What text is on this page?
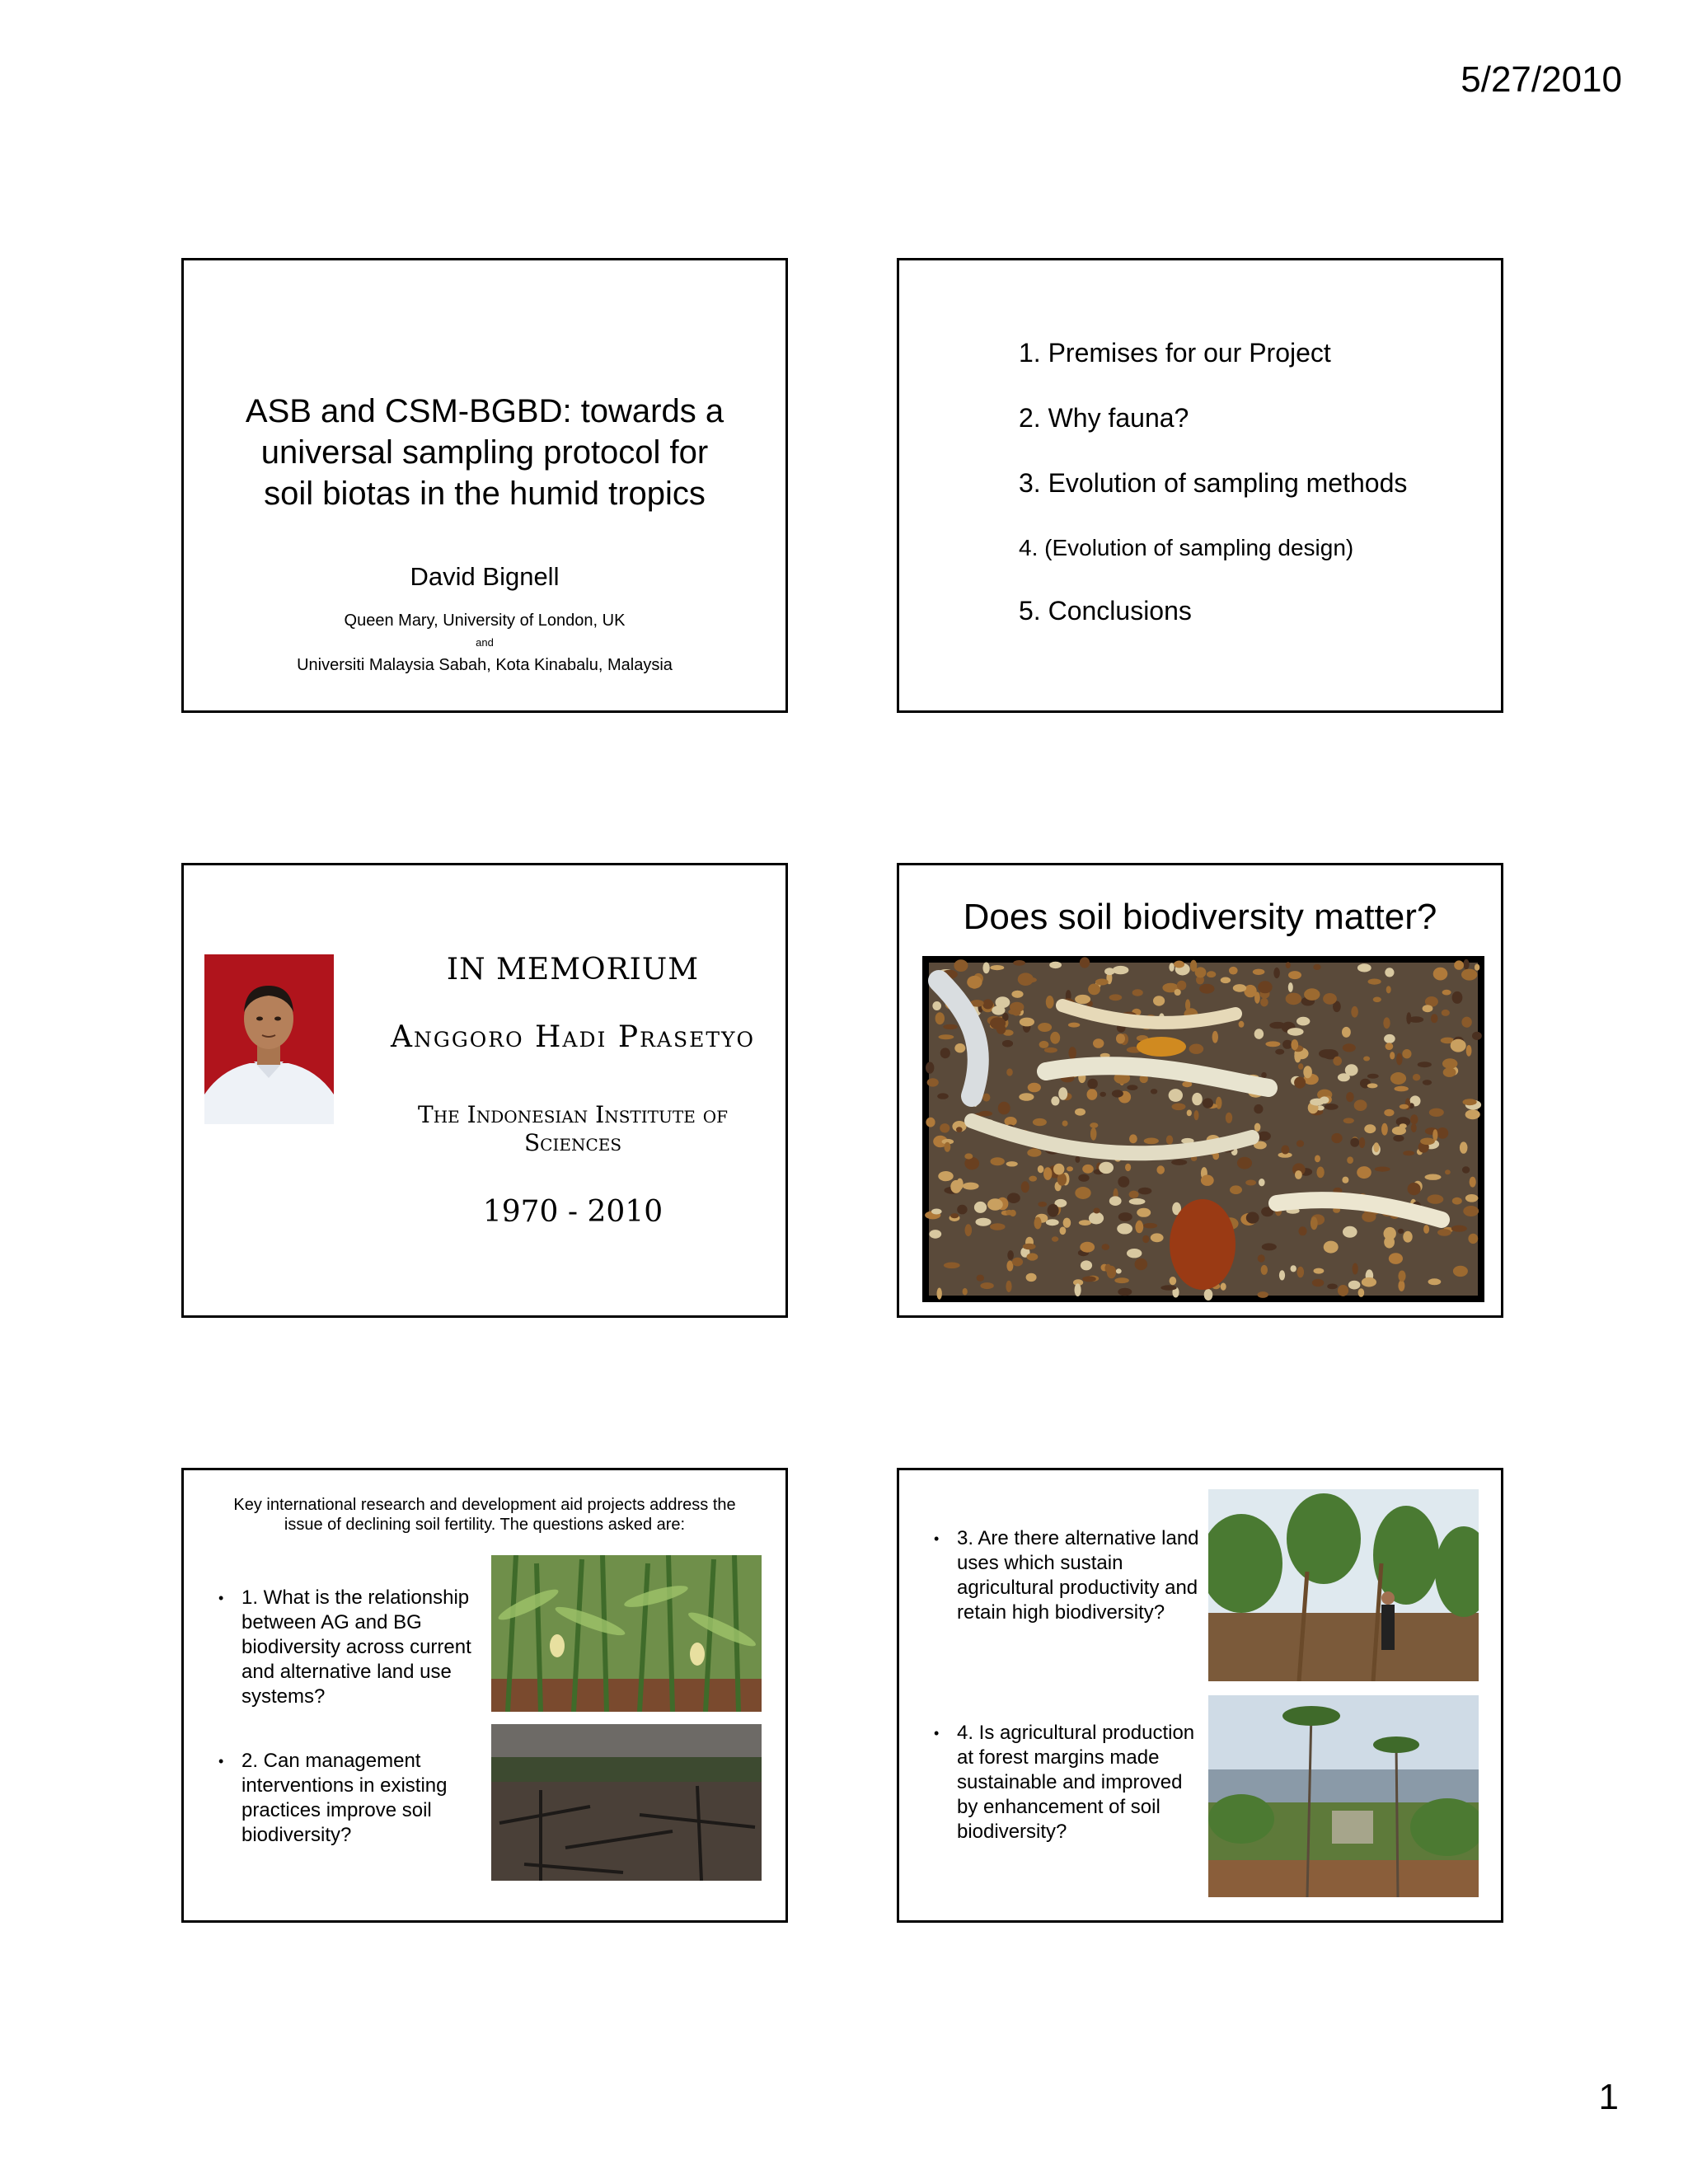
5/27/2010
ASB and CSM-BGBD: towards a
universal sampling protocol for
soil biotas in the humid tropics
David Bignell
Queen Mary, University of London, UK
and
Universiti Malaysia Sabah, Kota Kinabalu, Malaysia
1. Premises for our Project
2. Why fauna?
3. Evolution of sampling methods
4. (Evolution of sampling design)
5. Conclusions
IN MEMORIUM
Anggoro Hadi Prasetyo
The Indonesian Institute of Sciences
1970 - 2010
Does soil biodiversity matter?
Key international research and development aid projects address the issue of declining soil fertility. The questions asked are:
• 1. What is the relationship between AG and BG biodiversity across current and alternative land use systems?
• 2. Can management interventions in existing practices improve soil biodiversity?
• 3. Are there alternative land uses which sustain agricultural productivity and retain high biodiversity?
• 4. Is agricultural production at forest margins made sustainable and improved by enhancement of soil biodiversity?
1
